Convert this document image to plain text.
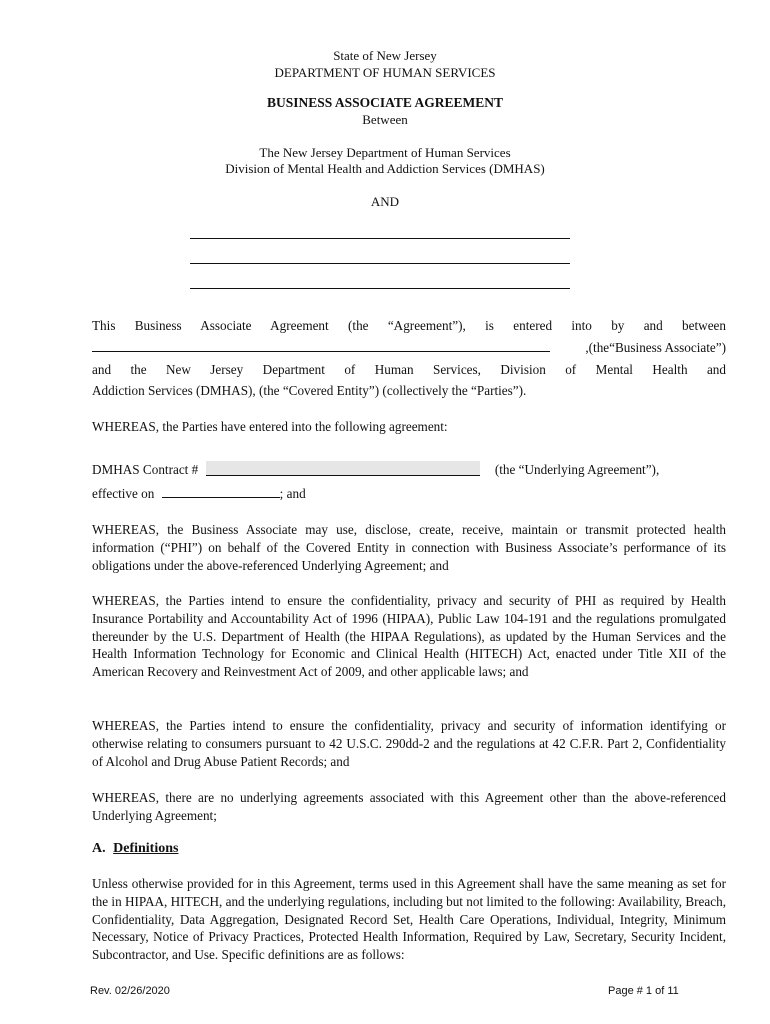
State of New Jersey
DEPARTMENT OF HUMAN SERVICES
BUSINESS ASSOCIATE AGREEMENT
Between
The New Jersey Department of Human Services
Division of Mental Health and Addiction Services (DMHAS)
AND
This Business Associate Agreement (the “Agreement”), is entered into by and between
,(the“Business Associate”)
and the New Jersey Department of Human Services, Division of Mental Health and
Addiction Services (DMHAS), (the “Covered Entity”) (collectively the “Parties”).
WHEREAS, the Parties have entered into the following agreement:
DMHAS Contract #	(the “Underlying Agreement”),
effective on	; and
WHEREAS, the Business Associate may use, disclose, create, receive, maintain or transmit protected health information (“PHI”) on behalf of the Covered Entity in connection with Business Associate’s performance of its obligations under the above-referenced Underlying Agreement; and
WHEREAS, the Parties intend to ensure the confidentiality, privacy and security of PHI as required by Health Insurance Portability and Accountability Act of 1996 (HIPAA), Public Law 104-191 and the regulations promulgated thereunder by the U.S. Department of Health (the HIPAA Regulations), as updated by the Human Services and the Health Information Technology for Economic and Clinical Health (HITECH) Act, enacted under Title XII of the American Recovery and Reinvestment Act of 2009, and other applicable laws; and
WHEREAS, the Parties intend to ensure the confidentiality, privacy and security of information identifying or otherwise relating to consumers pursuant to 42 U.S.C. 290dd-2 and the regulations at 42 C.F.R. Part 2, Confidentiality of Alcohol and Drug Abuse Patient Records; and
WHEREAS, there are no underlying agreements associated with this Agreement other than the above-referenced Underlying Agreement;
A. Definitions
Unless otherwise provided for in this Agreement, terms used in this Agreement shall have the same meaning as set for the in HIPAA, HITECH, and the underlying regulations, including but not limited to the following: Availability, Breach, Confidentiality, Data Aggregation, Designated Record Set, Health Care Operations, Individual, Integrity, Minimum Necessary, Notice of Privacy Practices, Protected Health Information, Required by Law, Secretary, Security Incident, Subcontractor, and Use. Specific definitions are as follows:
Rev. 02/26/2020	Page # 1 of 11
